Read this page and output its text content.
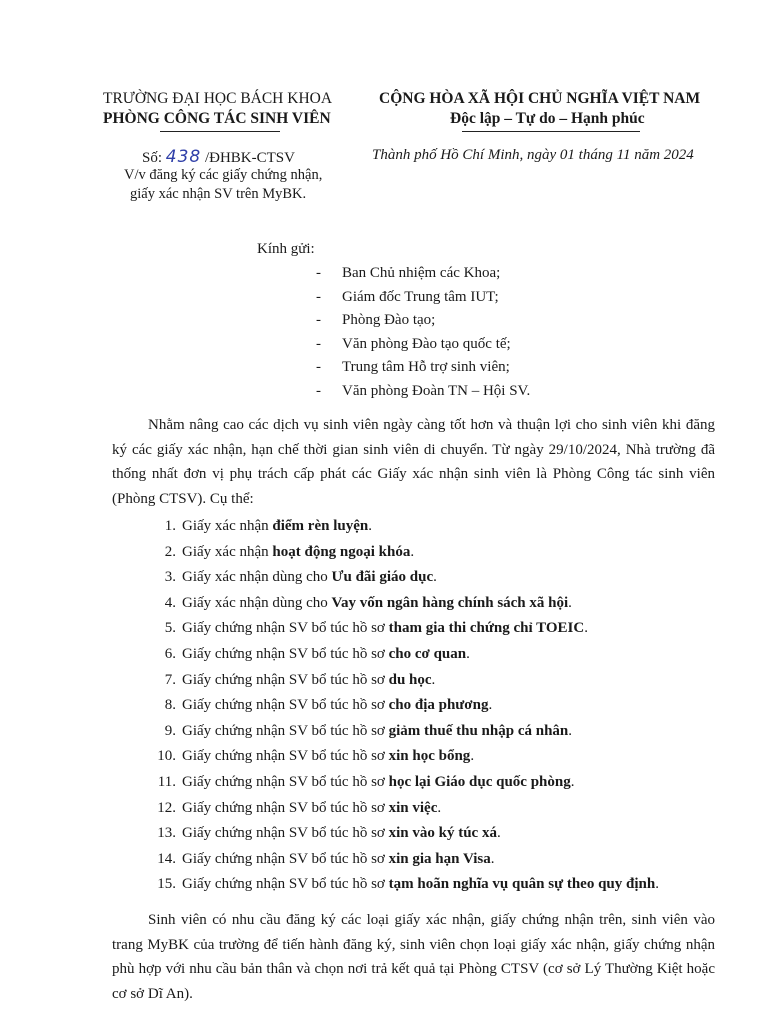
TRƯỜNG ĐẠI HỌC BÁCH KHOA
PHÒNG CÔNG TÁC SINH VIÊN
Số: 438 /ĐHBK-CTSV
V/v đăng ký các giấy chứng nhận,
giấy xác nhận SV trên MyBK.
CỘNG HÒA XÃ HỘI CHỦ NGHĨA VIỆT NAM
Độc lập – Tự do – Hạnh phúc
Thành phố Hồ Chí Minh, ngày 01 tháng 11 năm 2024
Kính gửi:
- Ban Chủ nhiệm các Khoa;
- Giám đốc Trung tâm IUT;
- Phòng Đào tạo;
- Văn phòng Đào tạo quốc tế;
- Trung tâm Hỗ trợ sinh viên;
- Văn phòng Đoàn TN – Hội SV.
Nhằm nâng cao các dịch vụ sinh viên ngày càng tốt hơn và thuận lợi cho sinh viên khi đăng ký các giấy xác nhận, hạn chế thời gian sinh viên di chuyển. Từ ngày 29/10/2024, Nhà trường đã thống nhất đơn vị phụ trách cấp phát các Giấy xác nhận sinh viên là Phòng Công tác sinh viên (Phòng CTSV). Cụ thể:
1. Giấy xác nhận điểm rèn luyện.
2. Giấy xác nhận hoạt động ngoại khóa.
3. Giấy xác nhận dùng cho Ưu đãi giáo dục.
4. Giấy xác nhận dùng cho Vay vốn ngân hàng chính sách xã hội.
5. Giấy chứng nhận SV bổ túc hồ sơ tham gia thi chứng chỉ TOEIC.
6. Giấy chứng nhận SV bổ túc hồ sơ cho cơ quan.
7. Giấy chứng nhận SV bổ túc hồ sơ du học.
8. Giấy chứng nhận SV bổ túc hồ sơ cho địa phương.
9. Giấy chứng nhận SV bổ túc hồ sơ giảm thuế thu nhập cá nhân.
10. Giấy chứng nhận SV bổ túc hồ sơ xin học bổng.
11. Giấy chứng nhận SV bổ túc hồ sơ học lại Giáo dục quốc phòng.
12. Giấy chứng nhận SV bổ túc hồ sơ xin việc.
13. Giấy chứng nhận SV bổ túc hồ sơ xin vào ký túc xá.
14. Giấy chứng nhận SV bổ túc hồ sơ xin gia hạn Visa.
15. Giấy chứng nhận SV bổ túc hồ sơ tạm hoãn nghĩa vụ quân sự theo quy định.
Sinh viên có nhu cầu đăng ký các loại giấy xác nhận, giấy chứng nhận trên, sinh viên vào trang MyBK của trường để tiến hành đăng ký, sinh viên chọn loại giấy xác nhận, giấy chứng nhận phù hợp với nhu cầu bản thân và chọn nơi trả kết quả tại Phòng CTSV (cơ sở Lý Thường Kiệt hoặc cơ sở Dĩ An).
